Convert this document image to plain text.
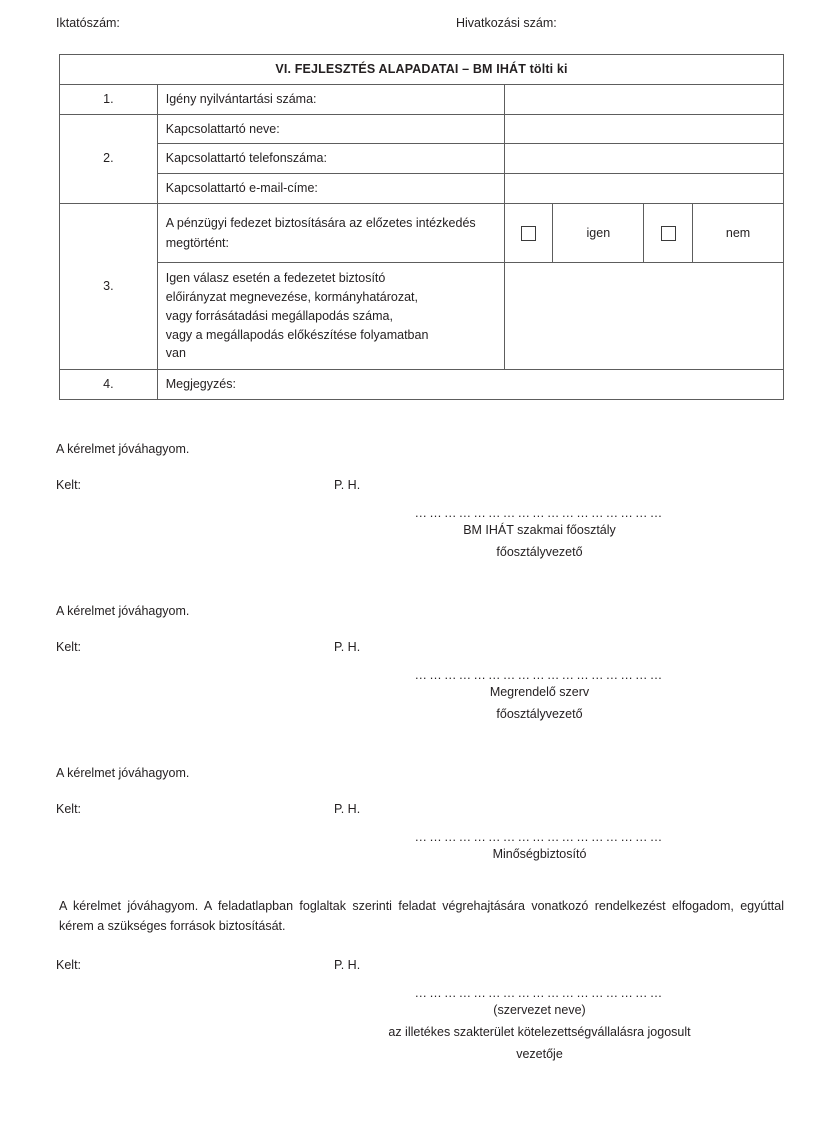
Iktatószám:	Hivatkozási szám:
VI. FEJLESZTÉS ALAPADATAI – BM IHÁT tölti ki					
1.	Igény nyilvántartási száma:				
2.	Kapcsolattartó neve:				
	Kapcsolattartó telefonszáma:				
	Kapcsolattartó e-mail-címe:				
3.	A pénzügyi fedezet biztosítására az előzetes intézkedés megtörtént:		igen		nem
	Igen válasz esetén a fedezetet biztosító
előirányzat megnevezése, kormányhatározat,
vagy forrásátadási megállapodás száma,
vagy a megállapodás előkészítése folyamatban
van				
4.	Megjegyzés:				
A kérelmet jóváhagyom.
Kelt:	P. H.
……………………………………………
BM IHÁT szakmai főosztály
főosztályvezető
A kérelmet jóváhagyom.
Kelt:	P. H.
……………………………………………
Megrendelő szerv
főosztályvezető
A kérelmet jóváhagyom.
Kelt:	P. H.
……………………………………………
Minőségbiztosító
A kérelmet jóváhagyom. A feladatlapban foglaltak szerinti feladat végrehajtására vonatkozó rendelkezést elfogadom, egyúttal kérem a szükséges források biztosítását.
Kelt:	P. H.
……………………………………………
(szervezet neve)
az illetékes szakterület kötelezettségvállalásra jogosult
vezetője
